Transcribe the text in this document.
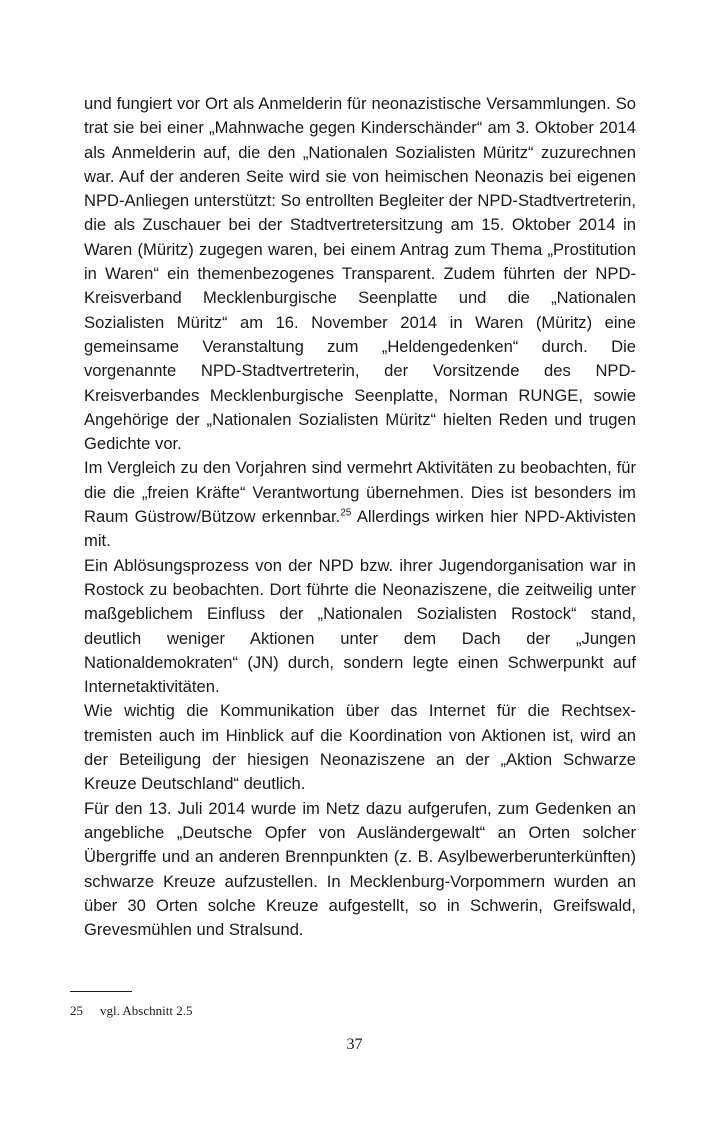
und fungiert vor Ort als Anmelderin für neonazistische Versammlungen. So trat sie bei einer „Mahnwache gegen Kinderschänder“ am 3. Oktober 2014 als Anmelderin auf, die den „Nationalen Sozialisten Müritz“ zuzurechnen war. Auf der anderen Seite wird sie von heimischen Neonazis bei eigenen NPD-Anliegen unterstützt: So entrollten Begleiter der NPD-Stadtvertreterin, die als Zuschauer bei der Stadtvertretersitzung am 15. Oktober 2014 in Waren (Müritz) zugegen waren, bei einem Antrag zum Thema „Prostitution in Waren“ ein themenbezogenes Transparent. Zudem führten der NPD-Kreisverband Mecklenburgische Seenplatte und die „Nationalen Sozialisten Müritz“ am 16. November 2014 in Waren (Müritz) eine gemeinsame Veranstaltung zum „Heldengedenken“ durch. Die vorgenannte NPD-Stadtvertreterin, der Vorsitzende des NPD-Kreisverbandes Mecklenburgische Seenplatte, Norman RUNGE, sowie Angehörige der „Nationalen Sozialisten Müritz“ hielten Reden und trugen Gedichte vor.

Im Vergleich zu den Vorjahren sind vermehrt Aktivitäten zu beobachten, für die die „freien Kräfte“ Verantwortung übernehmen. Dies ist besonders im Raum Güstrow/Bützow erkennbar.$^{25}$ Allerdings wirken hier NPD-Aktivisten mit.

Ein Ablösungsprozess von der NPD bzw. ihrer Jugendorganisation war in Rostock zu beobachten. Dort führte die Neonaziszene, die zeitweilig unter maßgeblichem Einfluss der „Nationalen Sozialisten Rostock“ stand, deutlich weniger Aktionen unter dem Dach der „Jungen Nationaldemokraten“ (JN) durch, sondern legte einen Schwerpunkt auf Internetaktivitäten.

Wie wichtig die Kommunikation über das Internet für die Rechtsextremisten auch im Hinblick auf die Koordination von Aktionen ist, wird an der Beteiligung der hiesigen Neonaziszene an der „Aktion Schwarze Kreuze Deutschland“ deutlich.

Für den 13. Juli 2014 wurde im Netz dazu aufgerufen, zum Gedenken an angebliche „Deutsche Opfer von Ausländergewalt“ an Orten solcher Übergriffe und an anderen Brennpunkten (z. B. Asylbewerberunterkünften) schwarze Kreuze aufzustellen. In Mecklenburg-Vorpommern wurden an über 30 Orten solche Kreuze aufgestellt, so in Schwerin, Greifswald, Grevesmühlen und Stralsund.

25 vgl. Abschnitt 2.5
37
